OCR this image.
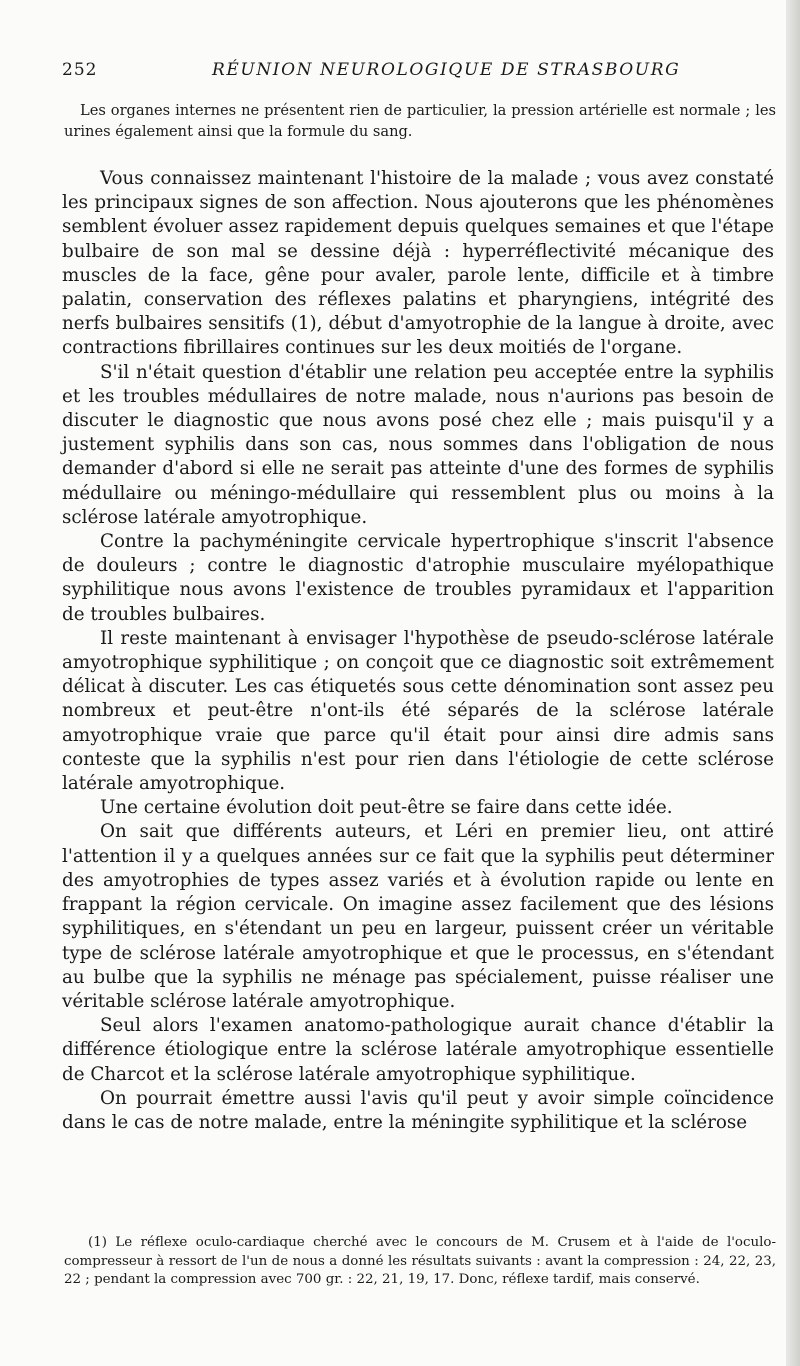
252	RÉUNION NEUROLOGIQUE DE STRASBOURG

Les organes internes ne présentent rien de particulier, la pression artérielle est normale ; les urines également ainsi que la formule du sang.

Vous connaissez maintenant l'histoire de la malade ; vous avez constaté les principaux signes de son affection. Nous ajouterons que les phénomènes semblent évoluer assez rapidement depuis quelques semaines et que l'étape bulbaire de son mal se dessine déjà : hyperréflectivité mécanique des muscles de la face, gêne pour avaler, parole lente, difficile et à timbre palatin, conservation des réflexes palatins et pharyngiens, intégrité des nerfs bulbaires sensitifs (1), début d'amyotrophie de la langue à droite, avec contractions fibrillaires continues sur les deux moitiés de l'organe.

S'il n'était question d'établir une relation peu acceptée entre la syphilis et les troubles médullaires de notre malade, nous n'aurions pas besoin de discuter le diagnostic que nous avons posé chez elle ; mais puisqu'il y a justement syphilis dans son cas, nous sommes dans l'obligation de nous demander d'abord si elle ne serait pas atteinte d'une des formes de syphilis médullaire ou méningo-médullaire qui ressemblent plus ou moins à la sclérose latérale amyotrophique.

Contre la pachyméningite cervicale hypertrophique s'inscrit l'absence de douleurs ; contre le diagnostic d'atrophie musculaire myélopathique syphilitique nous avons l'existence de troubles pyramidaux et l'apparition de troubles bulbaires.

Il reste maintenant à envisager l'hypothèse de pseudo-sclérose latérale amyotrophique syphilitique ; on conçoit que ce diagnostic soit extrêmement délicat à discuter. Les cas étiquetés sous cette dénomination sont assez peu nombreux et peut-être n'ont-ils été séparés de la sclérose latérale amyotrophique vraie que parce qu'il était pour ainsi dire admis sans conteste que la syphilis n'est pour rien dans l'étiologie de cette sclérose latérale amyotrophique.

Une certaine évolution doit peut-être se faire dans cette idée.

On sait que différents auteurs, et Léri en premier lieu, ont attiré l'attention il y a quelques années sur ce fait que la syphilis peut déterminer des amyotrophies de types assez variés et à évolution rapide ou lente en frappant la région cervicale. On imagine assez facilement que des lésions syphilitiques, en s'étendant un peu en largeur, puissent créer un véritable type de sclérose latérale amyotrophique et que le processus, en s'étendant au bulbe que la syphilis ne ménage pas spécialement, puisse réaliser une véritable sclérose latérale amyotrophique.

Seul alors l'examen anatomo-pathologique aurait chance d'établir la différence étiologique entre la sclérose latérale amyotrophique essentielle de Charcot et la sclérose latérale amyotrophique syphilitique.

On pourrait émettre aussi l'avis qu'il peut y avoir simple coïncidence dans le cas de notre malade, entre la méningite syphilitique et la sclérose

(1) Le réflexe oculo-cardiaque cherché avec le concours de M. Crusem et à l'aide de l'oculo-compresseur à ressort de l'un de nous a donné les résultats suivants : avant la compression : 24, 22, 23, 22 ; pendant la compression avec 700 gr. : 22, 21, 19, 17. Donc, réflexe tardif, mais conservé.
